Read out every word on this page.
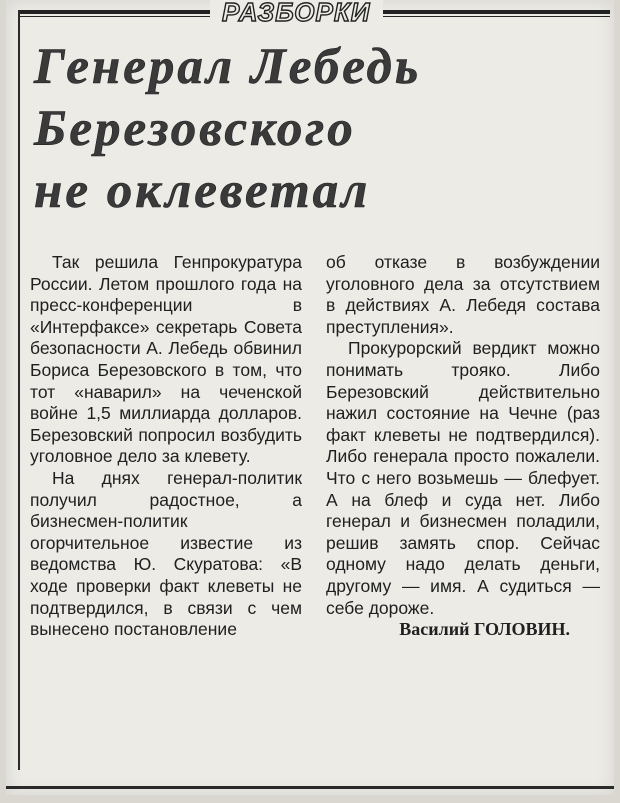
РАЗБОРКИ
Генерал Лебедь
Березовского
не оклеветал

Так решила Генпрокуратура России. Летом прошлого года на пресс-конференции в «Интерфаксе» секретарь Совета безопасности А. Лебедь обвинил Бориса Березовского в том, что тот «наварил» на чеченской войне 1,5 миллиарда долларов. Березовский попросил возбудить уголовное дело за клевету.

На днях генерал-политик получил радостное, а бизнесмен-политик огорчительное известие из ведомства Ю. Скуратова: «В ходе проверки факт клеветы не подтвердился, в связи с чем вынесено постановление

об отказе в возбуждении уголовного дела за отсутствием в действиях А. Лебедя состава преступления».

Прокурорский вердикт можно понимать трояко. Либо Березовский действительно нажил состояние на Чечне (раз факт клеветы не подтвердился). Либо генерала просто пожалели. Что с него возьмешь — блефует. А на блеф и суда нет. Либо генерал и бизнесмен поладили, решив замять спор. Сейчас одному надо делать деньги, другому — имя. А судиться — себе дороже.

Василий ГОЛОВИН.
